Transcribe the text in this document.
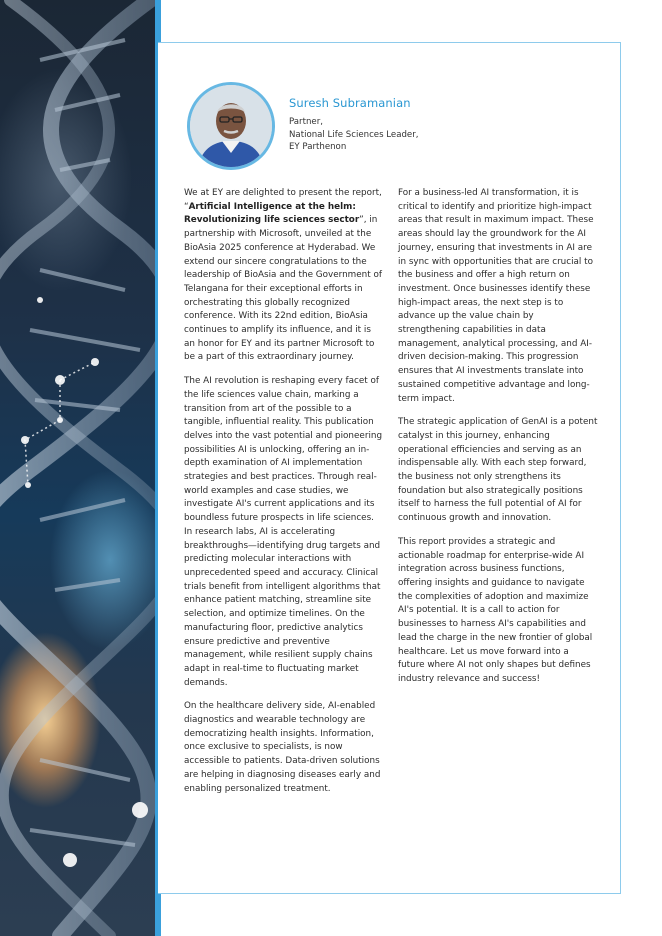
Suresh Subramanian
Partner,
National Life Sciences Leader,
EY Parthenon

We at EY are delighted to present the report, “Artificial Intelligence at the helm: Revolutionizing life sciences sector”, in partnership with Microsoft, unveiled at the BioAsia 2025 conference at Hyderabad. We extend our sincere congratulations to the leadership of BioAsia and the Government of Telangana for their exceptional efforts in orchestrating this globally recognized conference. With its 22nd edition, BioAsia continues to amplify its influence, and it is an honor for EY and its partner Microsoft to be a part of this extraordinary journey.

The AI revolution is reshaping every facet of the life sciences value chain, marking a transition from art of the possible to a tangible, influential reality. This publication delves into the vast potential and pioneering possibilities AI is unlocking, offering an in-depth examination of AI implementation strategies and best practices. Through real-world examples and case studies, we investigate AI's current applications and its boundless future prospects in life sciences. In research labs, AI is accelerating breakthroughs—identifying drug targets and predicting molecular interactions with unprecedented speed and accuracy. Clinical trials benefit from intelligent algorithms that enhance patient matching, streamline site selection, and optimize timelines. On the manufacturing floor, predictive analytics ensure predictive and preventive management, while resilient supply chains adapt in real-time to fluctuating market demands.

On the healthcare delivery side, AI-enabled diagnostics and wearable technology are democratizing health insights. Information, once exclusive to specialists, is now accessible to patients. Data-driven solutions are helping in diagnosing diseases early and enabling personalized treatment.

For a business-led AI transformation, it is critical to identify and prioritize high-impact areas that result in maximum impact. These areas should lay the groundwork for the AI journey, ensuring that investments in AI are in sync with opportunities that are crucial to the business and offer a high return on investment. Once businesses identify these high-impact areas, the next step is to advance up the value chain by strengthening capabilities in data management, analytical processing, and AI-driven decision-making. This progression ensures that AI investments translate into sustained competitive advantage and long-term impact.

The strategic application of GenAI is a potent catalyst in this journey, enhancing operational efficiencies and serving as an indispensable ally. With each step forward, the business not only strengthens its foundation but also strategically positions itself to harness the full potential of AI for continuous growth and innovation.

This report provides a strategic and actionable roadmap for enterprise-wide AI integration across business functions, offering insights and guidance to navigate the complexities of adoption and maximize AI's potential. It is a call to action for businesses to harness AI's capabilities and lead the charge in the new frontier of global healthcare. Let us move forward into a future where AI not only shapes but defines industry relevance and success!
